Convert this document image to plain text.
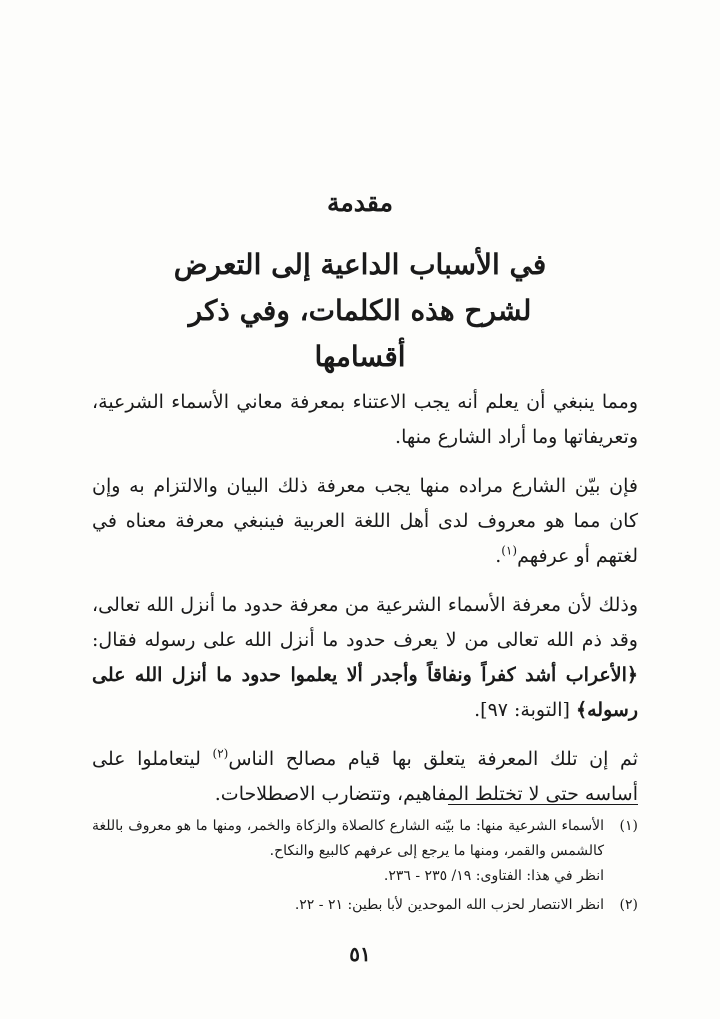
مقدمة
في الأسباب الداعية إلى التعرض
لشرح هذه الكلمات، وفي ذكر أقسامها

ومما ينبغي أن يعلم أنه يجب الاعتناء بمعرفة معاني الأسماء الشرعية، وتعريفاتها وما أراد الشارع منها.

فإن بيّن الشارع مراده منها يجب معرفة ذلك البيان والالتزام به وإن كان مما هو معروف لدى أهل اللغة العربية فينبغي معرفة معناه في لغتهم أو عرفهم$^{(١)}$.

وذلك لأن معرفة الأسماء الشرعية من معرفة حدود ما أنزل الله تعالى، وقد ذم الله تعالى من لا يعرف حدود ما أنزل الله على رسوله فقال: ﴿الأعراب أشد كفراً ونفاقاً وأجدر ألا يعلموا حدود ما أنزل الله على رسوله﴾ [التوبة: ٩٧].

ثم إن تلك المعرفة يتعلق بها قيام مصالح الناس$^{(٢)}$ ليتعاملوا على أساسه حتى لا تختلط المفاهيم، وتتضارب الاصطلاحات.

(١)
الأسماء الشرعية منها: ما بيّنه الشارع كالصلاة والزكاة والخمر، ومنها ما هو معروف باللغة كالشمس والقمر، ومنها ما يرجع إلى عرفهم كالبيع والنكاح.
انظر في هذا: الفتاوى: ١٩/ ٢٣٥ - ٢٣٦.
(٢)
انظر الانتصار لحزب الله الموحدين لأبا بطين: ٢١ - ٢٢.
٥١
